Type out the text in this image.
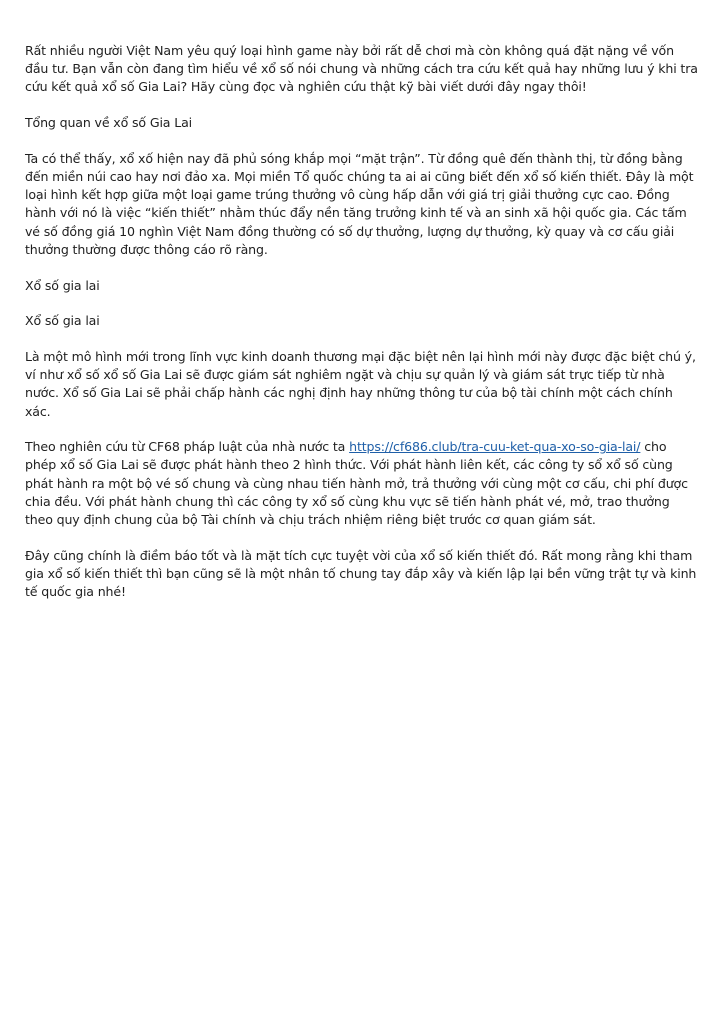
Rất nhiều người Việt Nam yêu quý loại hình game này bởi rất dễ chơi mà còn không quá đặt nặng về vốn đầu tư. Bạn vẫn còn đang tìm hiểu về xổ số nói chung và những cách tra cứu kết quả hay những lưu ý khi tra cứu kết quả xổ số Gia Lai? Hãy cùng đọc và nghiên cứu thật kỹ bài viết dưới đây ngay thôi!

Tổng quan về xổ số Gia Lai

Ta có thể thấy, xổ xố hiện nay đã phủ sóng khắp mọi “mặt trận”. Từ đồng quê đến thành thị, từ đồng bằng đến miền núi cao hay nơi đảo xa. Mọi miền Tổ quốc chúng ta ai ai cũng biết đến xổ số kiến thiết. Đây là một loại hình kết hợp giữa một loại game trúng thưởng vô cùng hấp dẫn với giá trị giải thưởng cực cao. Đồng hành với nó là việc “kiến thiết” nhằm thúc đẩy nền tăng trưởng kinh tế và an sinh xã hội quốc gia. Các tấm vé số đồng giá 10 nghìn Việt Nam đồng thường có số dự thưởng, lượng dự thưởng, kỳ quay và cơ cấu giải thưởng thường được thông cáo rõ ràng.

Xổ số gia lai

Xổ số gia lai

Là một mô hình mới trong lĩnh vực kinh doanh thương mại đặc biệt nên lại hình mới này được đặc biệt chú ý, ví như xổ số xổ số Gia Lai sẽ được giám sát nghiêm ngặt và chịu sự quản lý và giám sát trực tiếp từ nhà nước. Xổ số Gia Lai sẽ phải chấp hành các nghị định hay những thông tư của bộ tài chính một cách chính xác.

Theo nghiên cứu từ CF68 pháp luật của nhà nước ta https://cf686.club/tra-cuu-ket-qua-xo-so-gia-lai/ cho phép xổ số Gia Lai sẽ được phát hành theo 2 hình thức. Với phát hành liên kết, các công ty sổ xổ số cùng phát hành ra một bộ vé số chung và cùng nhau tiến hành mở, trả thưởng với cùng một cơ cấu, chi phí được chia đều. Với phát hành chung thì các công ty xổ số cùng khu vực sẽ tiến hành phát vé, mở, trao thưởng theo quy định chung của bộ Tài chính và chịu trách nhiệm riêng biệt trước cơ quan giám sát.

Đây cũng chính là điềm báo tốt và là mặt tích cực tuyệt vời của xổ số kiến thiết đó. Rất mong rằng khi tham gia xổ số kiến thiết thì bạn cũng sẽ là một nhân tố chung tay đắp xây và kiến lập lại bền vững trật tự và kinh tế quốc gia nhé!
